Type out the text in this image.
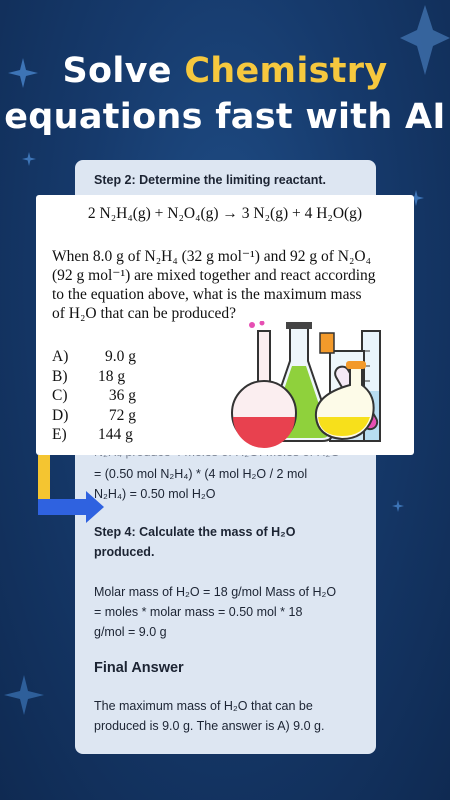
Solve Chemistry
equations fast with AI
Step 2: Determine the limiting reactant.
= (0.50 mol N₂H₄) * (4 mol H₂O / 2 mol
N₂H₄) = 0.50 mol H₂O
Step 4: Calculate the mass of H₂O
produced.
Molar mass of H₂O = 18 g/mol Mass of H₂O
= moles * molar mass = 0.50 mol * 18
g/mol = 9.0 g
Final Answer
The maximum mass of H₂O that can be
produced is 9.0 g. The answer is A) 9.0 g.
2 N₂H₄(g) + N₂O₄(g) → 3 N₂(g) + 4 H₂O(g)
When 8.0 g of N₂H₄ (32 g mol⁻¹) and 92 g of N₂O₄
(92 g mol⁻¹) are mixed together and react according
to the equation above, what is the maximum mass
of H₂O that can be produced?
A)	9.0 g
B)	18 g
C)	36 g
D)	72 g
E)	144 g
